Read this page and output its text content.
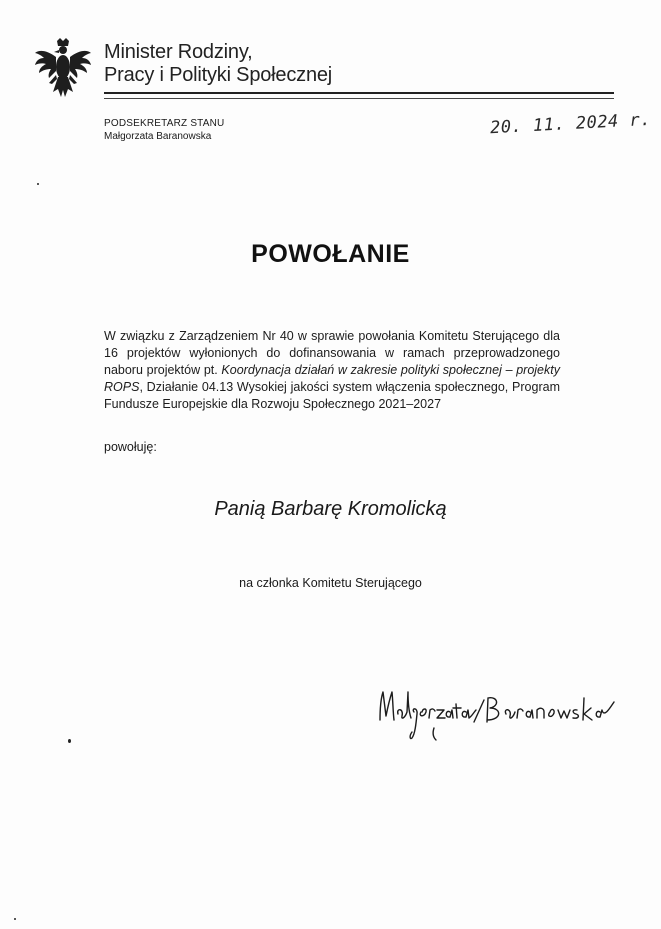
Minister Rodziny,
Pracy i Polityki Społecznej
PODSEKRETARZ STANU
Małgorzata Baranowska	20. 11. 2024 r.
POWOŁANIE
W związku z Zarządzeniem Nr 40 w sprawie powołania Komitetu Sterującego dla 16 projektów wyłonionych do dofinansowania w ramach przeprowadzonego naboru projektów pt. Koordynacja działań w zakresie polityki społecznej – projekty ROPS, Działanie 04.13 Wysokiej jakości system włączenia społecznego, Program Fundusze Europejskie dla Rozwoju Społecznego 2021–2027
powołuję:
Panią Barbarę Kromolicką
na członka Komitetu Sterującego
